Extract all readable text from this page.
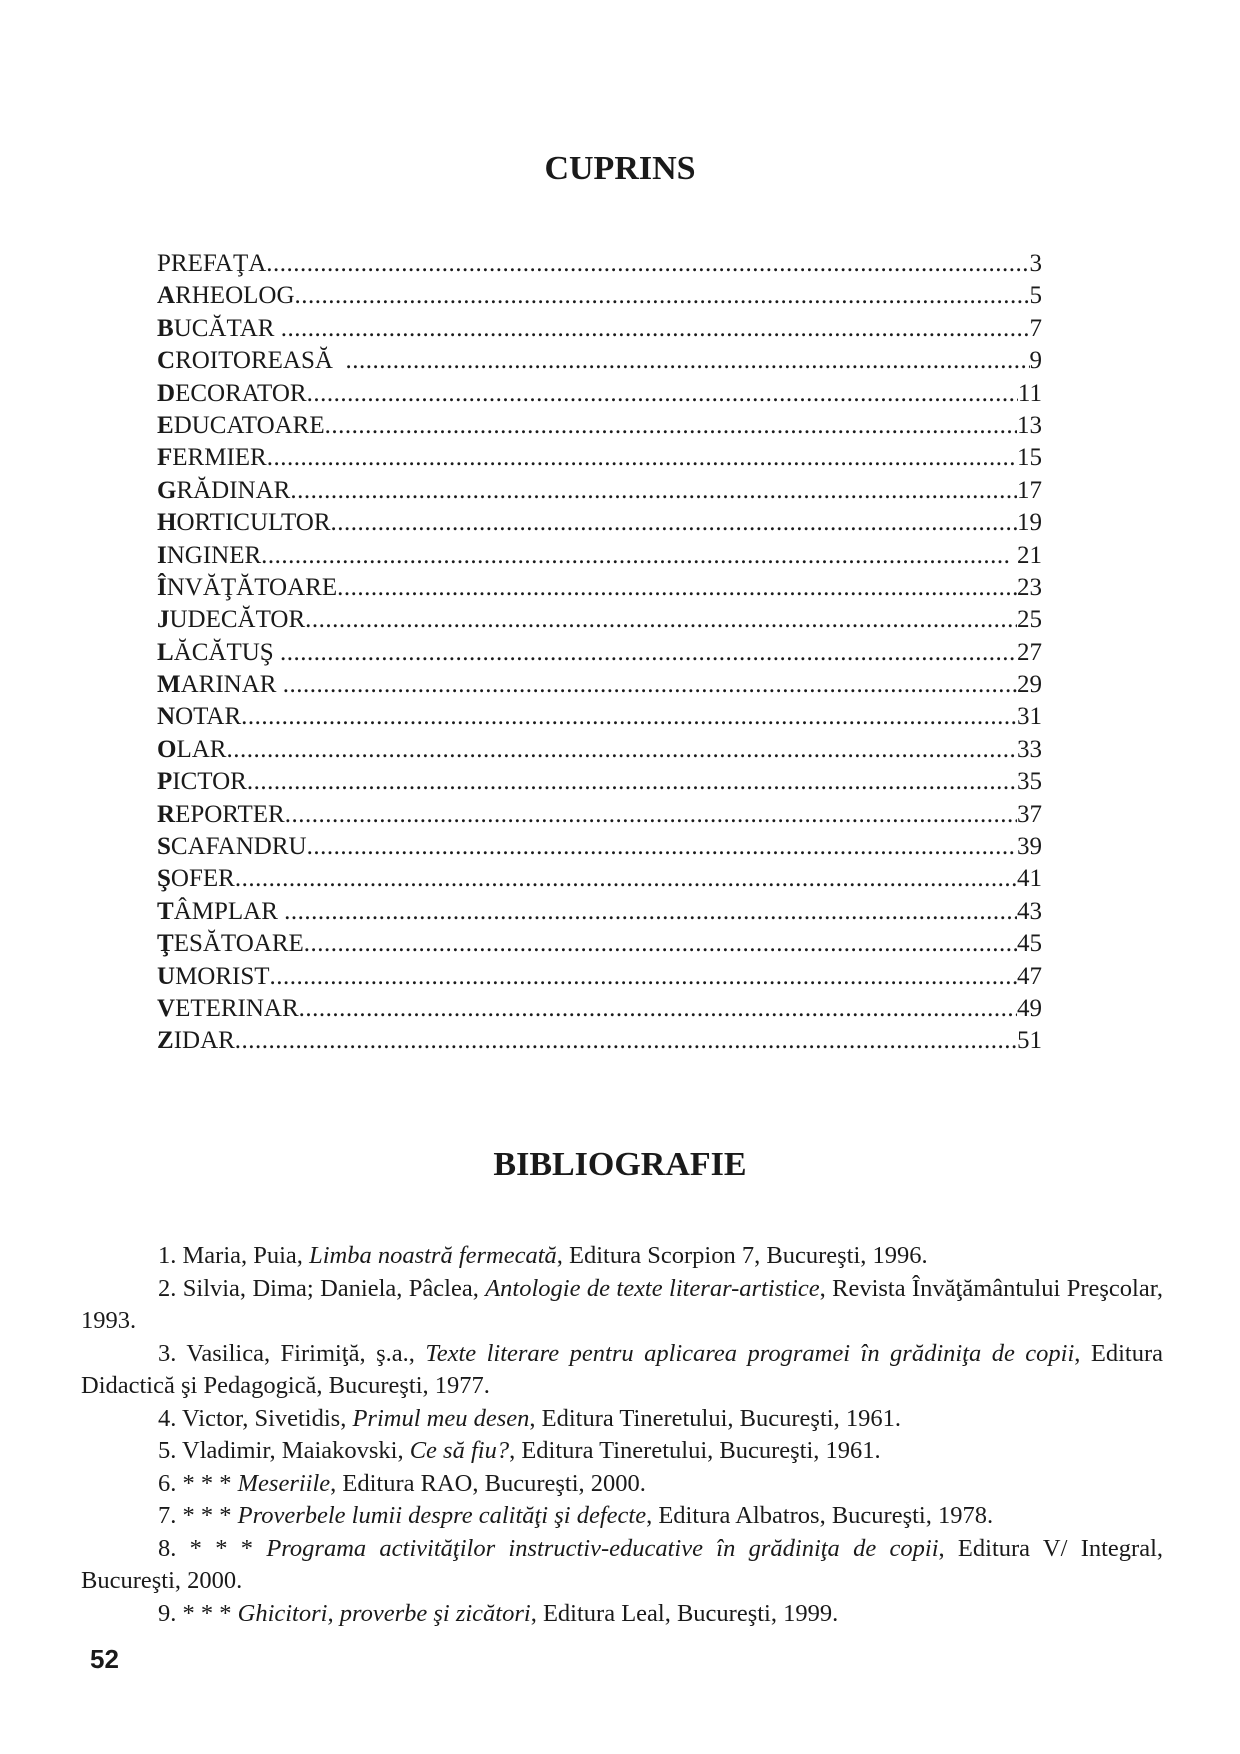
CUPRINS
PREFAŢA .....	3
ARHEOLOG .....	5
BUCĂTAR .....	7
CROITOREASĂ .....	9
DECORATOR .....	11
EDUCATOARE .....	13
FERMIER .....	15
GRĂDINAR .....	17
HORTICULTOR .....	19
INGINER .....	21
ÎNVĂŢĂTOARE .....	23
JUDECĂTOR .....	25
LĂCĂTUŞ .....	27
MARINAR .....	29
NOTAR .....	31
OLAR .....	33
PICTOR .....	35
REPORTER .....	37
SCAFANDRU .....	39
ŞOFER .....	41
TÂMPLAR .....	43
ŢESĂTOARE .....	45
UMORIST .....	47
VETERINAR .....	49
ZIDAR .....	51
BIBLIOGRAFIE

1. Maria, Puia, Limba noastră fermecată, Editura Scorpion 7, Bucureşti, 1996.

2. Silvia, Dima; Daniela, Pâclea, Antologie de texte literar-artistice, Revista Învăţământului Preşcolar, 1993.

3. Vasilica, Firimiţă, ş.a., Texte literare pentru aplicarea programei în grădiniţa de copii, Editura Didactică şi Pedagogică, Bucureşti, 1977.

4. Victor, Sivetidis, Primul meu desen, Editura Tineretului, Bucureşti, 1961.

5. Vladimir, Maiakovski, Ce să fiu?, Editura Tineretului, Bucureşti, 1961.

6. * * * Meseriile, Editura RAO, Bucureşti, 2000.

7. * * * Proverbele lumii despre calităţi şi defecte, Editura Albatros, Bucureşti, 1978.

8. * * * Programa activităţilor instructiv-educative în grădiniţa de copii, Editura V/ Integral, Bucureşti, 2000.

9. * * * Ghicitori, proverbe şi zicători, Editura Leal, Bucureşti, 1999.

52
